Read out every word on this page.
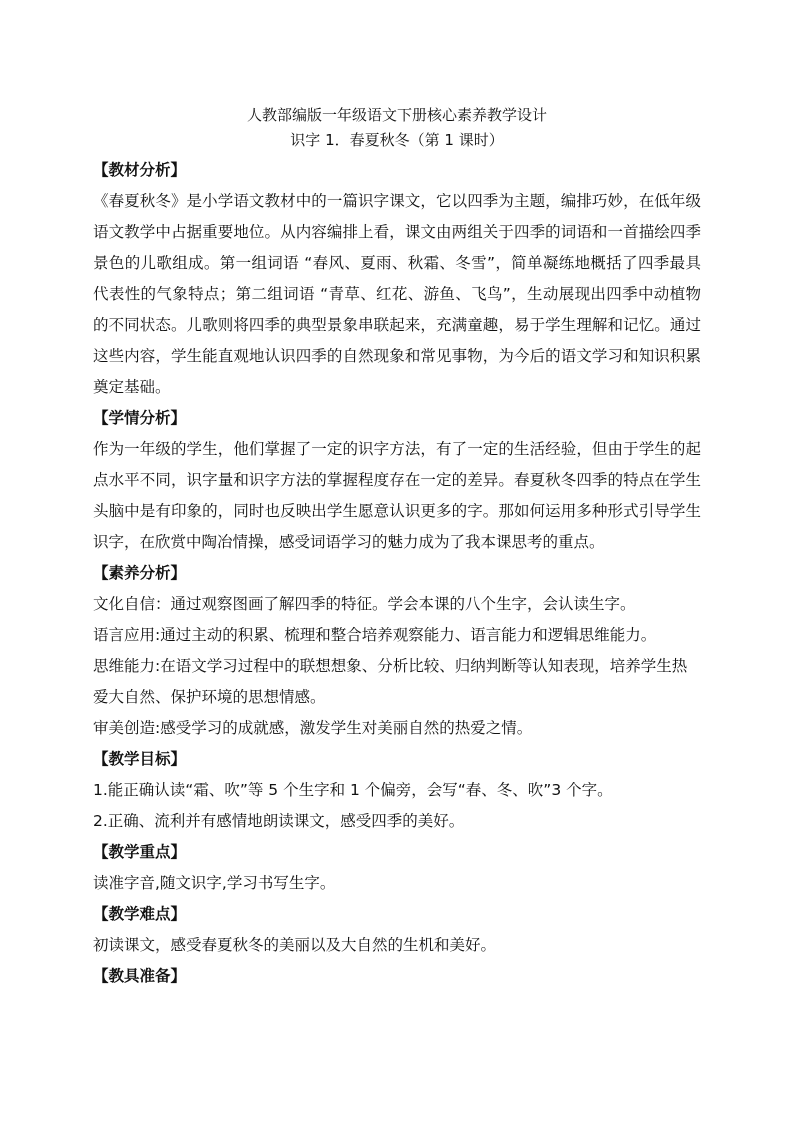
人教部编版一年级语文下册核心素养教学设计
识字 1．春夏秋冬（第 1 课时）
【教材分析】

《春夏秋冬》是小学语文教材中的一篇识字课文，它以四季为主题，编排巧妙，在低年级语文教学中占据重要地位。从内容编排上看，课文由两组关于四季的词语和一首描绘四季景色的儿歌组成。第一组词语 “春风、夏雨、秋霜、冬雪”，简单凝练地概括了四季最具代表性的气象特点；第二组词语 “青草、红花、游鱼、飞鸟”，生动展现出四季中动植物的不同状态。儿歌则将四季的典型景象串联起来，充满童趣，易于学生理解和记忆。通过这些内容，学生能直观地认识四季的自然现象和常见事物，为今后的语文学习和知识积累奠定基础。

【学情分析】

作为一年级的学生，他们掌握了一定的识字方法，有了一定的生活经验，但由于学生的起点水平不同，识字量和识字方法的掌握程度存在一定的差异。春夏秋冬四季的特点在学生头脑中是有印象的，同时也反映出学生愿意认识更多的字。那如何运用多种形式引导学生识字，在欣赏中陶冶情操，感受词语学习的魅力成为了我本课思考的重点。

【素养分析】
文化自信：通过观察图画了解四季的特征。学会本课的八个生字，会认读生字。
语言应用:通过主动的积累、梳理和整合培养观察能力、语言能力和逻辑思维能力。

思维能力:在语文学习过程中的联想想象、分析比较、归纳判断等认知表现，培养学生热爱大自然、保护环境的思想情感。

审美创造:感受学习的成就感，激发学生对美丽自然的热爱之情。
【教学目标】
1.能正确认读“霜、吹”等 5 个生字和 1 个偏旁，会写“春、冬、吹”3 个字。
2.正确、流利并有感情地朗读课文，感受四季的美好。
【教学重点】
读准字音,随文识字,学习书写生字。
【教学难点】
初读课文，感受春夏秋冬的美丽以及大自然的生机和美好。
【教具准备】
